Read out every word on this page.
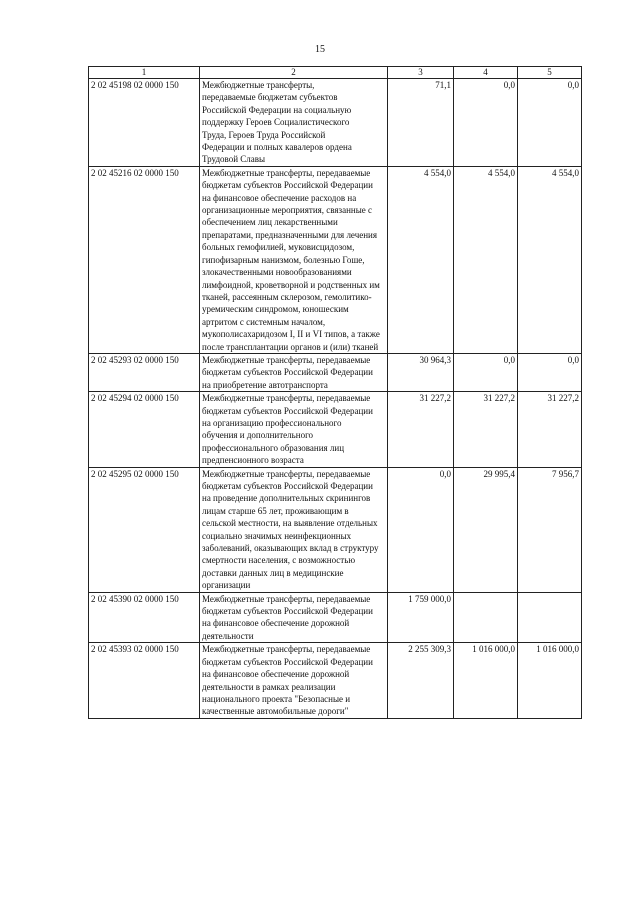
15
1	2	3	4	5
2 02 45198 02 0000 150	Межбюджетные трансферты, передаваемые бюджетам субъектов Российской Федерации на социальную поддержку Героев Социалистического Труда, Героев Труда Российской Федерации и полных кавалеров ордена Трудовой Славы	71,1	0,0	0,0
2 02 45216 02 0000 150	Межбюджетные трансферты, передаваемые бюджетам субъектов Российской Федерации на финансовое обеспечение расходов на организационные мероприятия, связанные с обеспечением лиц лекарственными препаратами, предназначенными для лечения больных гемофилией, муковисцидозом, гипофизарным нанизмом, болезнью Гоше, злокачественными новообразованиями лимфоидной, кроветворной и родственных им тканей, рассеянным склерозом, гемолитико-уремическим синдромом, юношеским артритом с системным началом, мукополисахаридозом I, II и VI типов, а также после трансплантации органов и (или) тканей	4 554,0	4 554,0	4 554,0
2 02 45293 02 0000 150	Межбюджетные трансферты, передаваемые бюджетам субъектов Российской Федерации на приобретение автотранспорта	30 964,3	0,0	0,0
2 02 45294 02 0000 150	Межбюджетные трансферты, передаваемые бюджетам субъектов Российской Федерации на организацию профессионального обучения и дополнительного профессионального образования лиц предпенсионного возраста	31 227,2	31 227,2	31 227,2
2 02 45295 02 0000 150	Межбюджетные трансферты, передаваемые бюджетам субъектов Российской Федерации на проведение дополнительных скринингов лицам старше 65 лет, проживающим в сельской местности, на выявление отдельных социально значимых неинфекционных заболеваний, оказывающих вклад в структуру смертности населения, с возможностью доставки данных лиц в медицинские организации	0,0	29 995,4	7 956,7
2 02 45390 02 0000 150	Межбюджетные трансферты, передаваемые бюджетам субъектов Российской Федерации на финансовое обеспечение дорожной деятельности	1 759 000,0		
2 02 45393 02 0000 150	Межбюджетные трансферты, передаваемые бюджетам субъектов Российской Федерации на финансовое обеспечение дорожной деятельности в рамках реализации национального проекта "Безопасные и качественные автомобильные дороги"	2 255 309,3	1 016 000,0	1 016 000,0
